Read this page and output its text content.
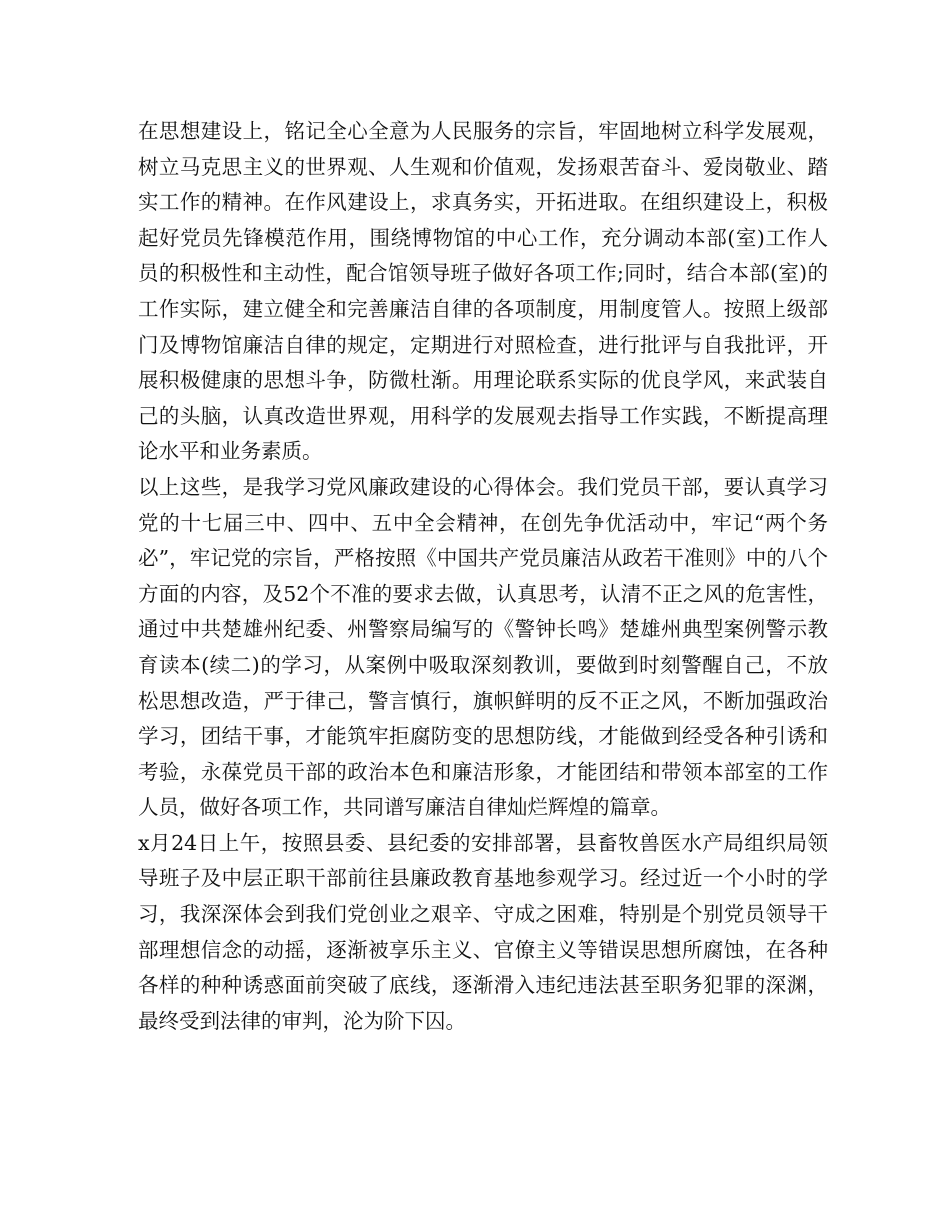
在思想建设上，铭记全心全意为人民服务的宗旨，牢固地树立科学发展观，树立马克思主义的世界观、人生观和价值观，发扬艰苦奋斗、爱岗敬业、踏实工作的精神。在作风建设上，求真务实，开拓进取。在组织建设上，积极起好党员先锋模范作用，围绕博物馆的中心工作，充分调动本部(室)工作人员的积极性和主动性，配合馆领导班子做好各项工作;同时，结合本部(室)的工作实际，建立健全和完善廉洁自律的各项制度，用制度管人。按照上级部门及博物馆廉洁自律的规定，定期进行对照检查，进行批评与自我批评，开展积极健康的思想斗争，防微杜渐。用理论联系实际的优良学风，来武装自己的头脑，认真改造世界观，用科学的发展观去指导工作实践，不断提高理论水平和业务素质。

以上这些，是我学习党风廉政建设的心得体会。我们党员干部，要认真学习党的十七届三中、四中、五中全会精神，在创先争优活动中，牢记“两个务必”，牢记党的宗旨，严格按照《中国共产党员廉洁从政若干准则》中的八个方面的内容，及52个不准的要求去做，认真思考，认清不正之风的危害性，通过中共楚雄州纪委、州警察局编写的《警钟长鸣》楚雄州典型案例警示教育读本(续二)的学习，从案例中吸取深刻教训，要做到时刻警醒自己，不放松思想改造，严于律己，警言慎行，旗帜鲜明的反不正之风，不断加强政治学习，团结干事，才能筑牢拒腐防变的思想防线，才能做到经受各种引诱和考验，永葆党员干部的政治本色和廉洁形象，才能团结和带领本部室的工作人员，做好各项工作，共同谱写廉洁自律灿烂辉煌的篇章。

x月24日上午，按照县委、县纪委的安排部署，县畜牧兽医水产局组织局领导班子及中层正职干部前往县廉政教育基地参观学习。经过近一个小时的学习，我深深体会到我们党创业之艰辛、守成之困难，特别是个别党员领导干部理想信念的动摇，逐渐被享乐主义、官僚主义等错误思想所腐蚀，在各种各样的种种诱惑面前突破了底线，逐渐滑入违纪违法甚至职务犯罪的深渊，最终受到法律的审判，沦为阶下囚。
